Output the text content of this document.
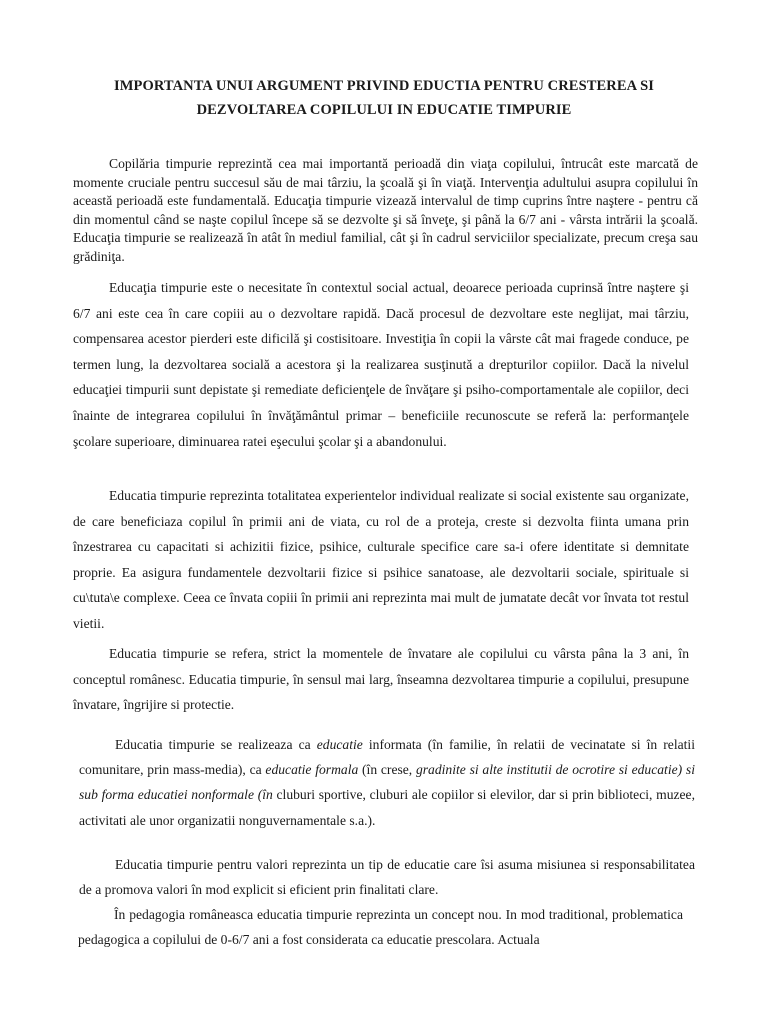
IMPORTANTA UNUI ARGUMENT PRIVIND EDUCTIA PENTRU CRESTEREA SI
DEZVOLTAREA COPILULUI IN EDUCATIE TIMPURIE

Copilăria timpurie reprezintă cea mai importantă perioadă din viaţa copilului, întrucât este marcată de momente cruciale pentru succesul său de mai târziu, la şcoală şi în viaţă. Intervenţia adultului asupra copilului în această perioadă este fundamentală. Educaţia timpurie vizează intervalul de timp cuprins între naştere - pentru că din momentul când se naşte copilul începe să se dezvolte şi să înveţe, şi până la 6/7 ani - vârsta intrării la şcoală. Educaţia timpurie se realizează în atât în mediul familial, cât şi în cadrul serviciilor specializate, precum creşa sau grădiniţa.

Educaţia timpurie este o necesitate în contextul social actual, deoarece perioada cuprinsă între naştere şi 6/7 ani este cea în care copiii au o dezvoltare rapidă. Dacă procesul de dezvoltare este neglijat, mai târziu, compensarea acestor pierderi este dificilă şi costisitoare. Investiţia în copii la vârste cât mai fragede conduce, pe termen lung, la dezvoltarea socială a acestora şi la realizarea susţinută a drepturilor copiilor. Dacă la nivelul educaţiei timpurii sunt depistate şi remediate deficienţele de învăţare şi psiho-comportamentale ale copiilor, deci înainte de integrarea copilului în învăţământul primar – beneficiile recunoscute se referă la: performanţele şcolare superioare, diminuarea ratei eşecului şcolar şi a abandonului.

Educatia timpurie reprezinta totalitatea experientelor individual realizate si social existente sau organizate, de care beneficiaza copilul în primii ani de viata, cu rol de a proteja, creste si dezvolta fiinta umana prin înzestrarea cu capacitati si achizitii fizice, psihice, culturale specifice care sa-i ofere identitate si demnitate proprie. Ea asigura fundamentele dezvoltarii fizice si psihice sanatoase, ale dezvoltarii sociale, spirituale si cu\tuta\e complexe. Ceea ce învata copiii în primii ani reprezinta mai mult de jumatate decât vor învata tot restul vietii.

Educatia timpurie se refera, strict la momentele de învatare ale copilului cu vârsta pâna la 3 ani, în conceptul românesc. Educatia timpurie, în sensul mai larg, înseamna dezvoltarea timpurie a copilului, presupune învatare, îngrijire si protectie.

Educatia timpurie se realizeaza ca educatie informata (în familie, în relatii de vecinatate si în relatii comunitare, prin mass-media), ca educatie formala (în crese, gradinite si alte institutii de ocrotire si educatie) si sub forma educatiei nonformale (în cluburi sportive, cluburi ale copiilor si elevilor, dar si prin biblioteci, muzee, activitati ale unor organizatii nonguvernamentale s.a.).

Educatia timpurie pentru valori reprezinta un tip de educatie care îsi asuma misiunea si responsabilitatea de a promova valori în mod explicit si eficient prin finalitati clare.

În pedagogia româneasca educatia timpurie reprezinta un concept nou. In mod traditional, problematica pedagogica a copilului de 0-6/7 ani a fost considerata ca educatie prescolara. Actuala
